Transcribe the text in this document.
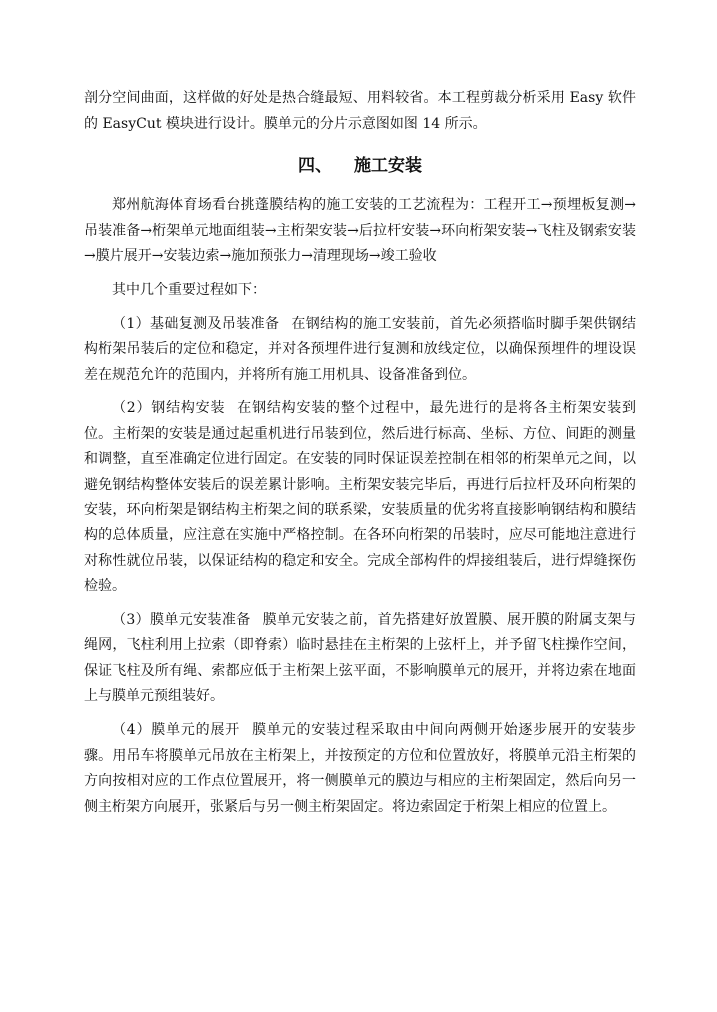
剖分空间曲面，这样做的好处是热合缝最短、用料较省。本工程剪裁分析采用 Easy 软件的 EasyCut 模块进行设计。膜单元的分片示意图如图 14 所示。

四、 施工安装

郑州航海体育场看台挑蓬膜结构的施工安装的工艺流程为：工程开工→预埋板复测→吊装准备→桁架单元地面组装→主桁架安装→后拉杆安装→环向桁架安装→飞柱及钢索安装→膜片展开→安装边索→施加预张力→清理现场→竣工验收

其中几个重要过程如下：

（1）基础复测及吊装准备 在钢结构的施工安装前，首先必须搭临时脚手架供钢结构桁架吊装后的定位和稳定，并对各预埋件进行复测和放线定位，以确保预埋件的埋设误差在规范允许的范围内，并将所有施工用机具、设备准备到位。

（2）钢结构安装 在钢结构安装的整个过程中，最先进行的是将各主桁架安装到位。主桁架的安装是通过起重机进行吊装到位，然后进行标高、坐标、方位、间距的测量和调整，直至准确定位进行固定。在安装的同时保证误差控制在相邻的桁架单元之间，以避免钢结构整体安装后的误差累计影响。主桁架安装完毕后，再进行后拉杆及环向桁架的安装，环向桁架是钢结构主桁架之间的联系梁，安装质量的优劣将直接影响钢结构和膜结构的总体质量，应注意在实施中严格控制。在各环向桁架的吊装时，应尽可能地注意进行对称性就位吊装，以保证结构的稳定和安全。完成全部构件的焊接组装后，进行焊缝探伤检验。

（3）膜单元安装准备 膜单元安装之前，首先搭建好放置膜、展开膜的附属支架与绳网，飞柱利用上拉索（即脊索）临时悬挂在主桁架的上弦杆上，并予留飞柱操作空间，保证飞柱及所有绳、索都应低于主桁架上弦平面，不影响膜单元的展开，并将边索在地面上与膜单元预组装好。

（4）膜单元的展开 膜单元的安装过程采取由中间向两侧开始逐步展开的安装步骤。用吊车将膜单元吊放在主桁架上，并按预定的方位和位置放好，将膜单元沿主桁架的方向按相对应的工作点位置展开，将一侧膜单元的膜边与相应的主桁架固定，然后向另一侧主桁架方向展开，张紧后与另一侧主桁架固定。将边索固定于桁架上相应的位置上。
